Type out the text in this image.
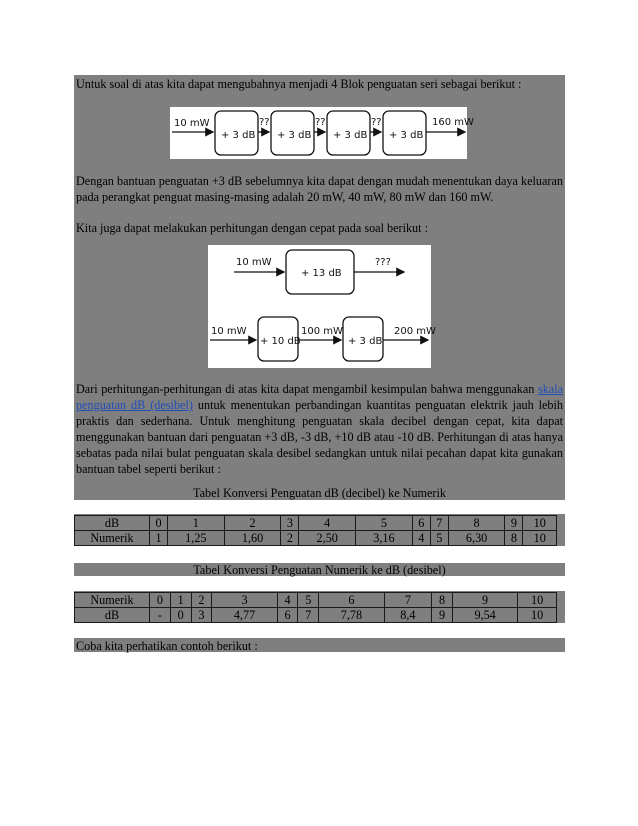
Untuk soal di atas kita dapat mengubahnya menjadi 4 Blok penguatan seri sebagai berikut :
10 mW
+ 3 dB + 3 dB + 3 dB + 3 dB
??	??	??	160 mW
Dengan bantuan penguatan +3 dB sebelumnya kita dapat dengan mudah menentukan daya keluaran pada perangkat penguat masing-masing adalah 20 mW, 40 mW, 80 mW dan 160 mW.
Kita juga dapat melakukan perhitungan dengan cepat pada soal berikut :
10 mW
+ 13 dB
???
10 mW
+ 10 dB
100 mW
+ 3 dB
200 mW
Dari perhitungan-perhitungan di atas kita dapat mengambil kesimpulan bahwa menggunakan skala penguatan dB (desibel) untuk menentukan perbandingan kuantitas penguatan elektrik jauh lebih praktis dan sederhana. Untuk menghitung penguatan skala decibel dengan cepat, kita dapat menggunakan bantuan dari penguatan +3 dB, -3 dB, +10 dB atau -10 dB. Perhitungan di atas hanya sebatas pada nilai bulat penguatan skala desibel sedangkan untuk nilai pecahan dapat kita gunakan bantuan tabel seperti berikut :
Tabel Konversi Penguatan dB (decibel) ke Numerik
dB	0	1	2	3	4	5	6	7	8	9	10
Numerik	1	1,25	1,60	2	2,50	3,16	4	5	6,30	8	10
Tabel Konversi Penguatan Numerik ke dB (desibel)
Numerik	0	1	2	3	4	5	6	7	8	9	10
dB	-	0	3	4,77	6	7	7,78	8,4	9	9,54	10
Coba kita perhatikan contoh berikut :
